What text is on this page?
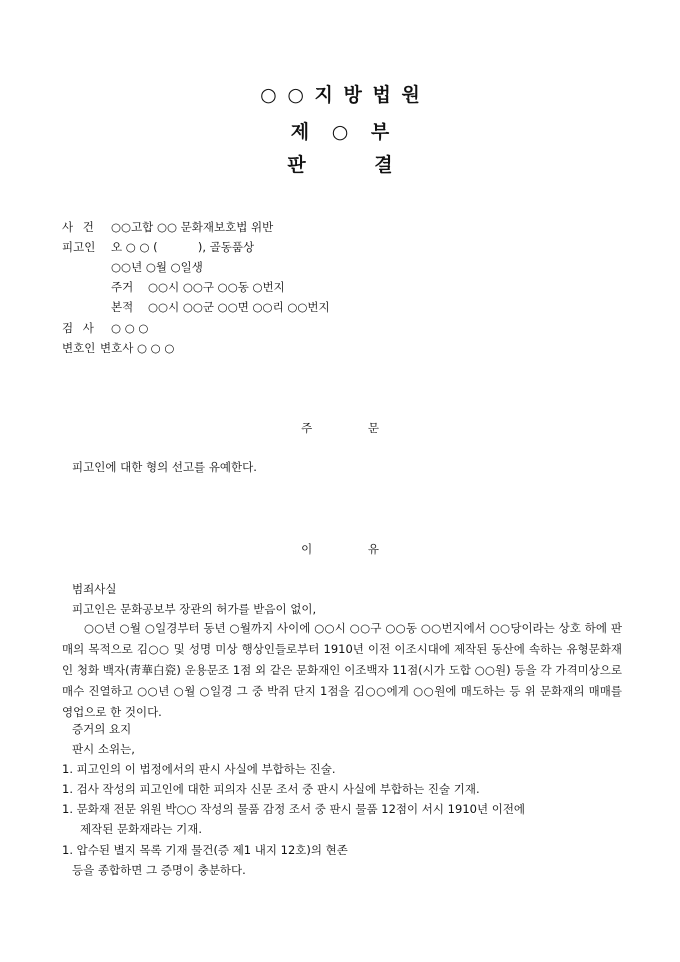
○ ○ 지 방 법 원
제 ○ 부
판 결
사 건 ○○고합 ○○ 문화재보호법 위반
피고인 오 ○ ○ (           ), 골동품상
○○년 ○월 ○일생
주거 ○○시 ○○구 ○○동 ○번지
본적 ○○시 ○○군 ○○면 ○○리 ○○번지
검 사 ○ ○ ○
변호인 변호사 ○ ○ ○
주 문
피고인에 대한 형의 선고를 유예한다.
이 유
범죄사실
피고인은 문화공보부 장관의 허가를 받음이 없이,
○○년 ○월 ○일경부터 동년 ○월까지 사이에 ○○시 ○○구 ○○동 ○○번지에서 ○○당이라는 상호 하에 판매의 목적으로 김○○ 및 성명 미상 행상인들로부터 1910년 이전 이조시대에 제작된 동산에 속하는 유형문화재인 청화 백자(靑華白瓷) 운용문조 1점 외 같은 문화재인 이조백자 11점(시가 도합 ○○원) 등을 각 가격미상으로 매수 진열하고 ○○년 ○월 ○일경 그 중 박쥐 단지 1점을 김○○에게 ○○원에 매도하는 등 위 문화재의 매매를 영업으로 한 것이다.
증거의 요지
판시 소위는,
1. 피고인의 이 법정에서의 판시 사실에 부합하는 진술.
1. 검사 작성의 피고인에 대한 피의자 신문 조서 중 판시 사실에 부합하는 진술 기재.
1. 문화재 전문 위원 박○○ 작성의 물품 감정 조서 중 판시 물품 12점이 서시 1910년 이전에
제작된 문화재라는 기재.
1. 압수된 별지 목록 기재 물건(증 제1 내지 12호)의 현존
등을 종합하면 그 증명이 충분하다.
